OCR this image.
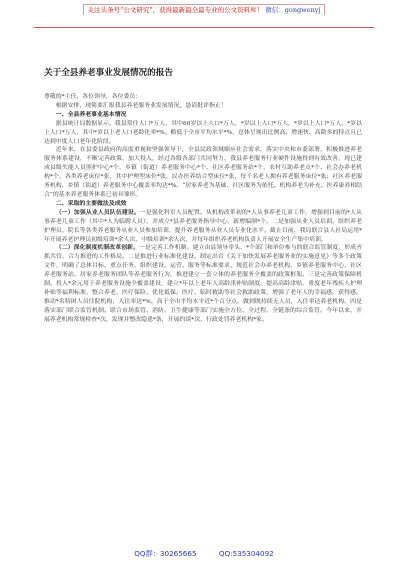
关注头条号“公文研究”，获得最新最全最专业的公文资料库！ 微信：gongwenyj
关于全县养老事业发展情况的报告

尊敬的*主任，各位领导，各位委员：

根据安排，现简要汇报我县养老服务业发展情况，恳请批评指正！

一、全县养老事业基本情况

据县统计局数据显示，我县常住人口*万人，其中60岁以上人口*万人，*岁以上人口*万人，*岁以上人口*万人，*岁以上人口*万人，其中*岁以上老人口老龄化率*%。略低于全市平均水平*%，总体呈现出比例高、增速快、高龄多的特点且已达到中度人口老年化阶段。

近年来，在县委县政府的高度重视和坚强领导下，全县民政领域顺应社会需求，落实中央和市委部署，积极推进养老服务体系建设，不断完善政策，加大投入，经过各级各部门共同努力，我县养老服务行业硬件设施得到有效改善，现已建成县级失能人员照护中心*个、乡镇（街道）养老服务中心*个、社区养老服务站*个、农村互助养老点*个、社会办养老机构*个、各类养老床位*张，其中护理型床位*张，民办医养结合型床位*张，每千名老人拥有养老服务床位*张；社区养老服务机构、乡镇（街道）养老服务中心覆盖率均达*%。“居家养老为基础、社区服务为依托、机构养老为补充、医养康养相结合”的基本养老服务体系已初具雏形。

二、采取的主要做法及成效

（一）加强从业人员队伍建设。一是强化科室人员配置。从机构改革初的*人从事养老儿童工作，增强到目前的*人从事养老儿童工作（其中*人为临聘人员），并成立*县养老服务指导中心，新增编制*个。二是加强从业人员培训。组织养老护理员、院长等各类养老服务从业人员参加培训，提升养老服务从业人员专业化水平。截止目前，我局联合县人社局运用*年开展养老护理员初级培训*余人次，中级培训*余人次，并每年组织养老机构负责人开展安全生产集中培训。

（二）深化制度机制改革创新。一是完善工作机制。建立由县领导牵头、*个部门和单位参与的联合监管制度，形成齐抓共管、合力推进的工作格局。二是推进行业标准化建设。制定出台《关于加快发展养老服务业的实施意见》等多个政策文件，明确了总体目标、重点任务、组织建设、运营、服务等标准要求，规范社会办养老机构、乡镇养老服务中心、社区养老服务站。居家养老服务团队等养老服务行为，推进建立一套立体的养老服务全覆盖的政策框架。三是完善政策保障机制。投入*余元用于养老服务设施全覆盖建设，建立*年以上老年人高龄津补贴制度，提高高龄津贴，重度老年残疾人护理补贴等福利标准，整合养老、医疗保险、优化低保、医疗、临时救助等社会救助政策，增强了老年人的幸福感、获得感。推动*名特困人员住院机构，入住率达*%。高于全市平均水平近*个百分点，做到既持续无人员，入住率达养老机构。四是落实部门联合监管机制。联合市场监管、消防、卫生健康等部门实施全方位、全过程、全链条的综合监管。今年以来，开展养老机构常规检查*次，发现并整改隐患*条，开展约谈*次，行政处罚养老机构*家。

QQ群：30265665	QQ:535304092
